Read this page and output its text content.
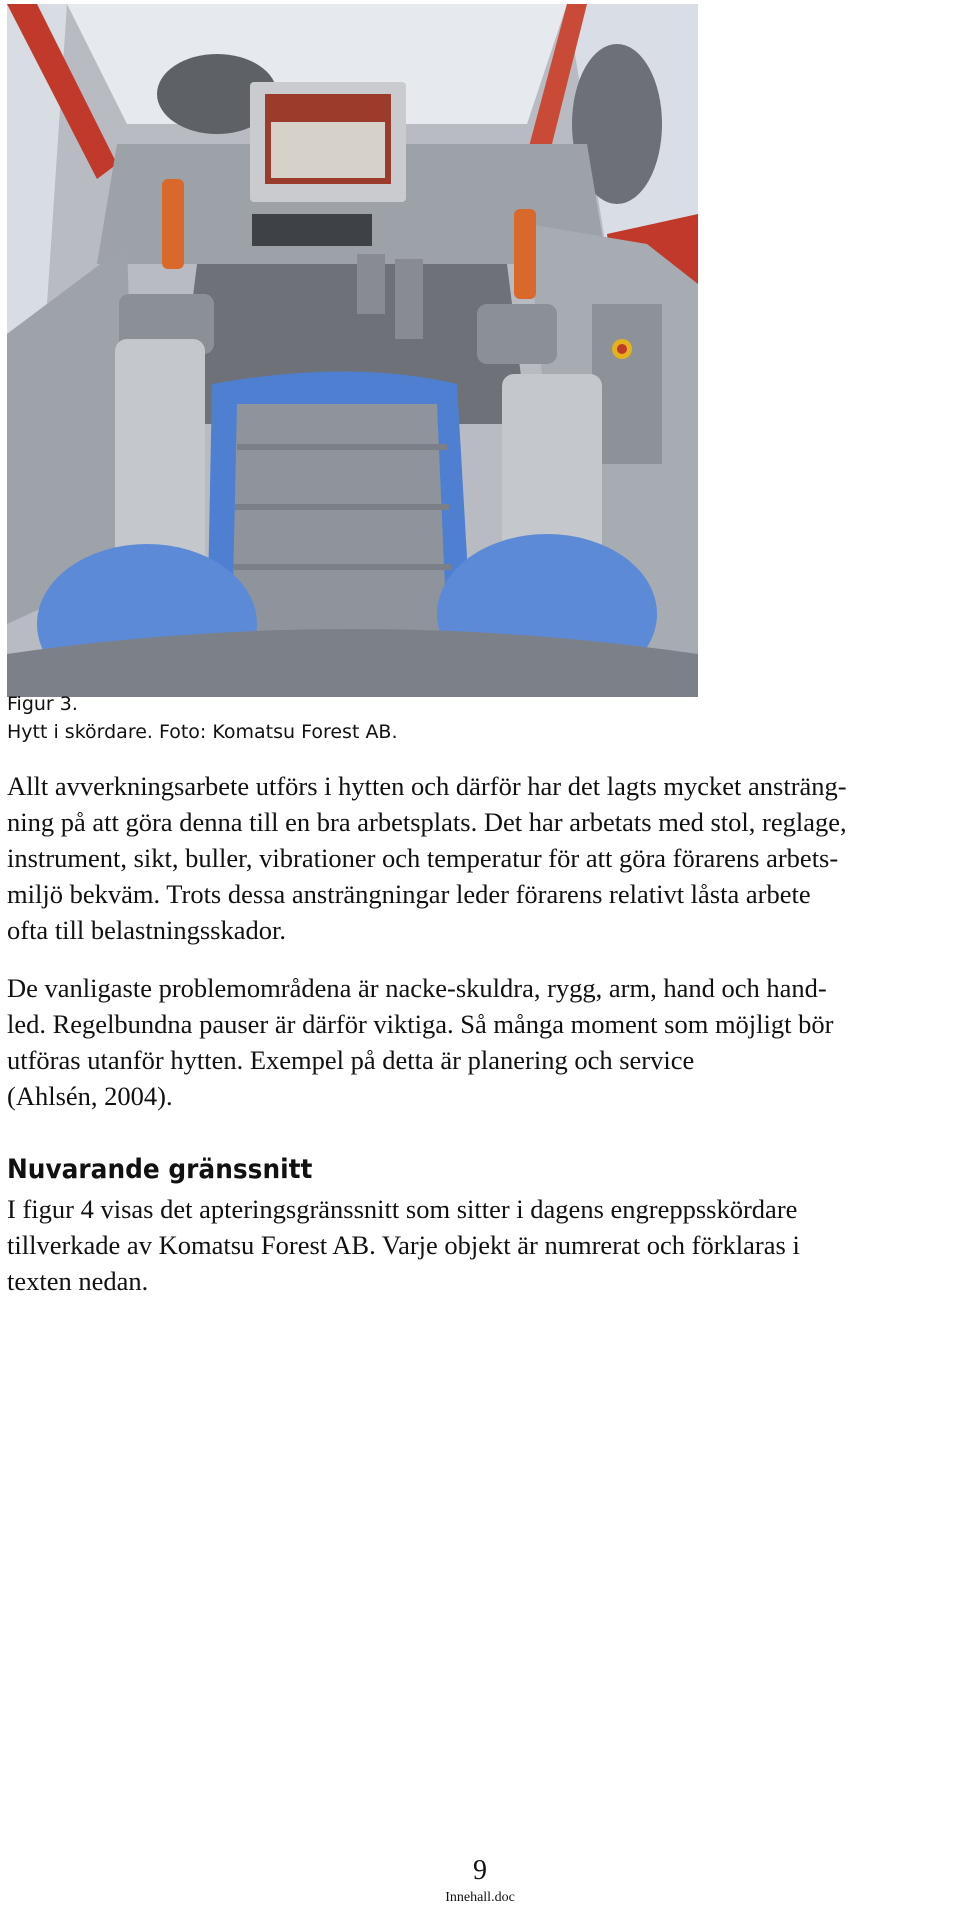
Figur 3.
Hytt i skördare. Foto: Komatsu Forest AB.
Allt avverkningsarbete utförs i hytten och därför har det lagts mycket ansträng-
ning på att göra denna till en bra arbetsplats. Det har arbetats med stol, reglage,
instrument, sikt, buller, vibrationer och temperatur för att göra förarens arbets-
miljö bekväm. Trots dessa ansträngningar leder förarens relativt låsta arbete
ofta till belastningsskador.
De vanligaste problemområdena är nacke-skuldra, rygg, arm, hand och hand-
led. Regelbundna pauser är därför viktiga. Så många moment som möjligt bör
utföras utanför hytten. Exempel på detta är planering och service
(Ahlsén, 2004).
Nuvarande gränssnitt
I figur 4 visas det apteringsgränssnitt som sitter i dagens engreppsskördare
tillverkade av Komatsu Forest AB. Varje objekt är numrerat och förklaras i
texten nedan.
9
Innehall.doc
